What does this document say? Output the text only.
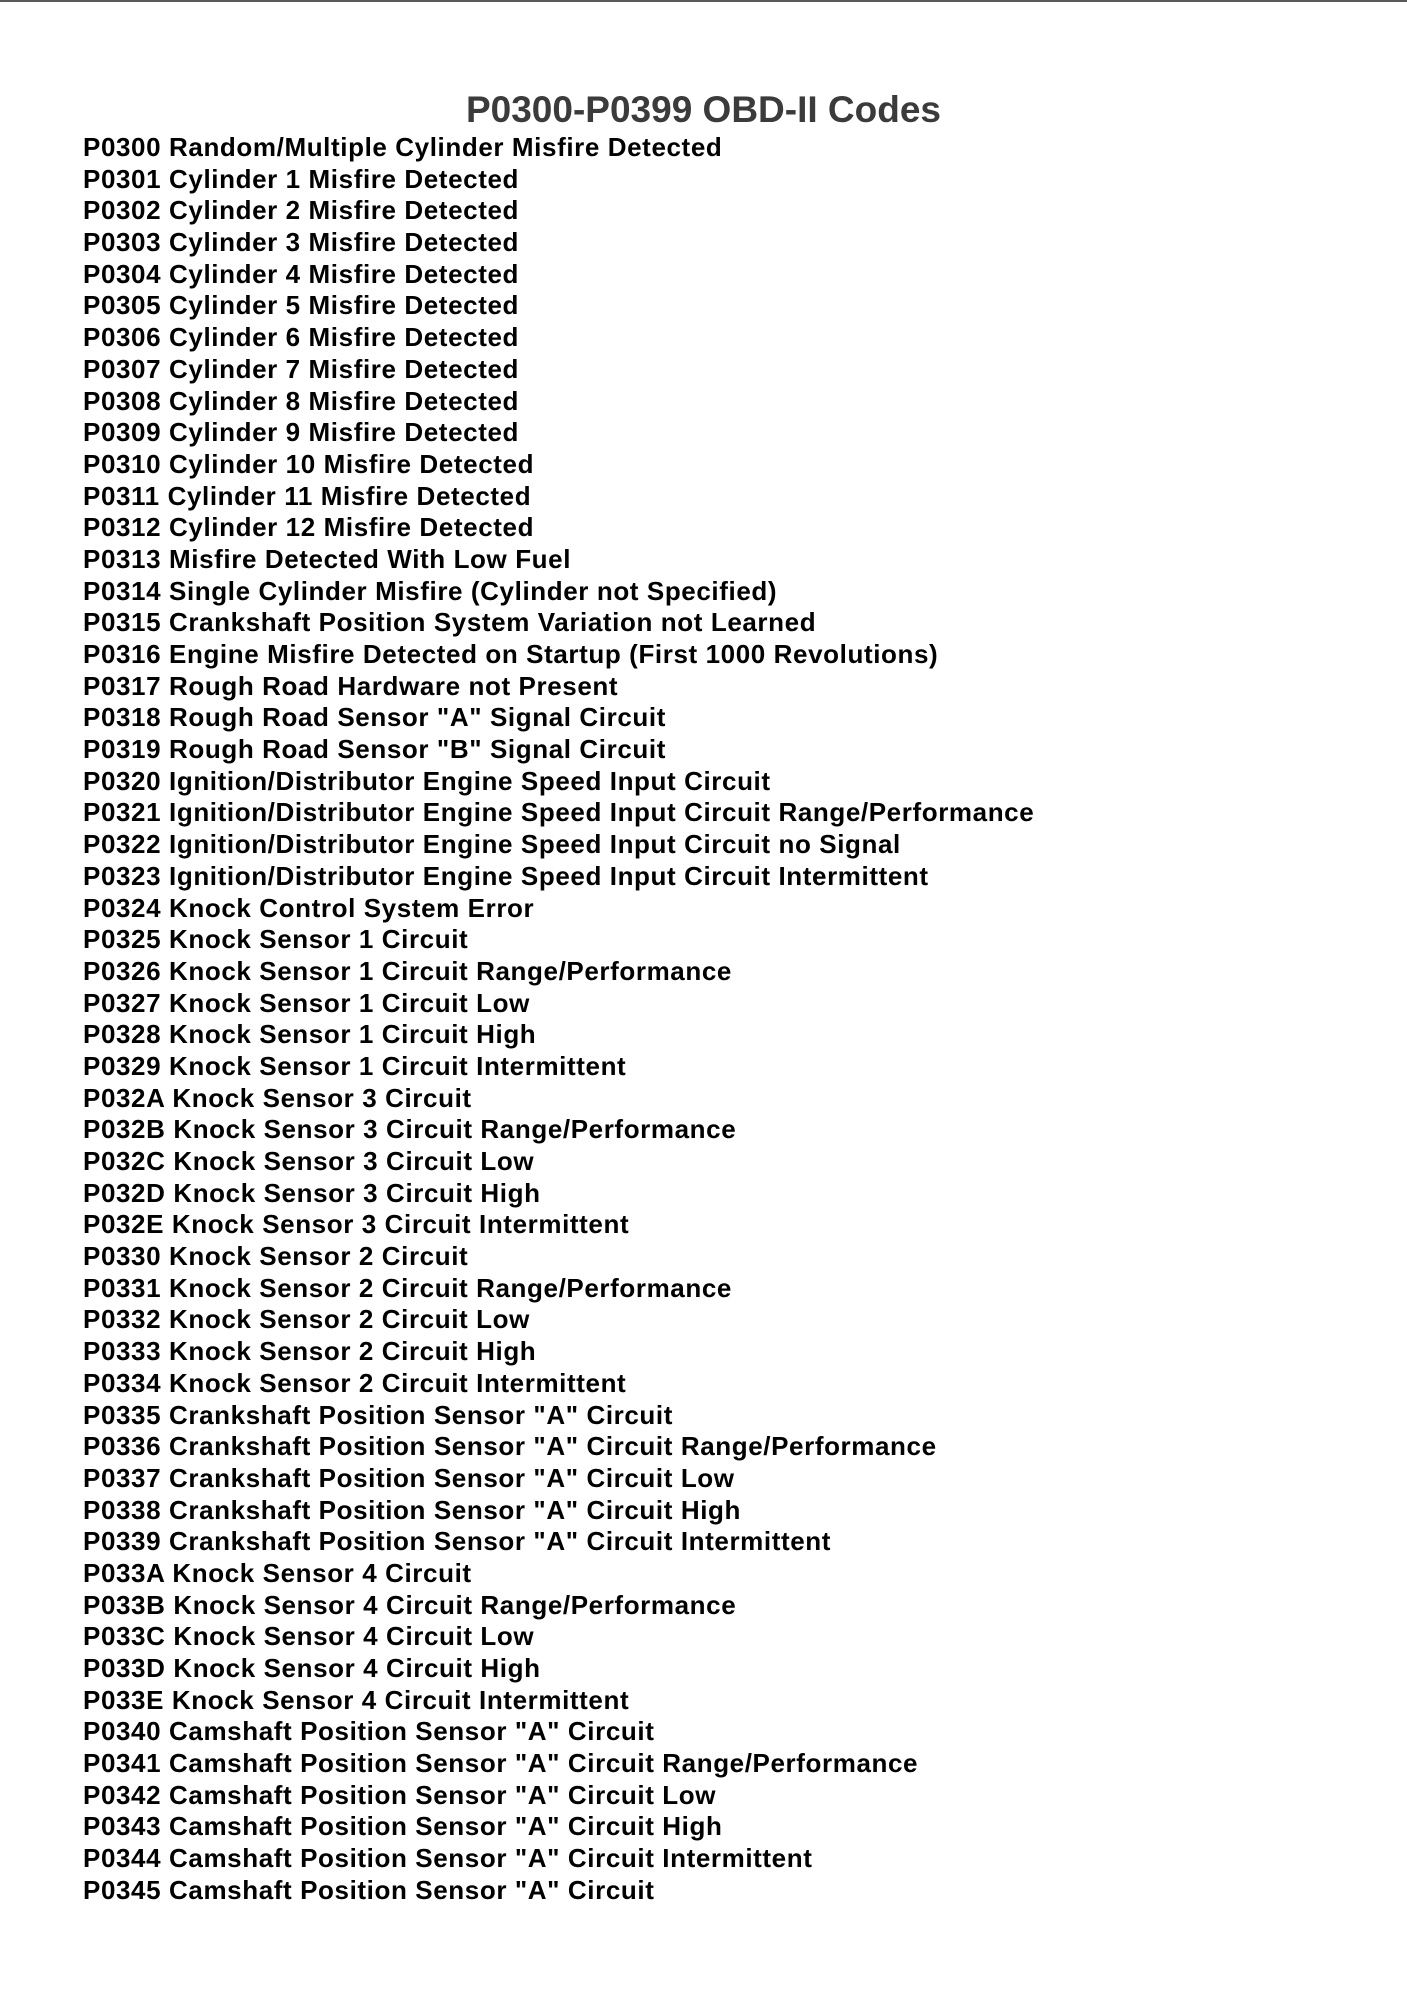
P0300-P0399 OBD-II Codes
P0300 Random/Multiple Cylinder Misfire Detected
P0301 Cylinder 1 Misfire Detected
P0302 Cylinder 2 Misfire Detected
P0303 Cylinder 3 Misfire Detected
P0304 Cylinder 4 Misfire Detected
P0305 Cylinder 5 Misfire Detected
P0306 Cylinder 6 Misfire Detected
P0307 Cylinder 7 Misfire Detected
P0308 Cylinder 8 Misfire Detected
P0309 Cylinder 9 Misfire Detected
P0310 Cylinder 10 Misfire Detected
P0311 Cylinder 11 Misfire Detected
P0312 Cylinder 12 Misfire Detected
P0313 Misfire Detected With Low Fuel
P0314 Single Cylinder Misfire (Cylinder not Specified)
P0315 Crankshaft Position System Variation not Learned
P0316 Engine Misfire Detected on Startup (First 1000 Revolutions)
P0317 Rough Road Hardware not Present
P0318 Rough Road Sensor "A" Signal Circuit
P0319 Rough Road Sensor "B" Signal Circuit
P0320 Ignition/Distributor Engine Speed Input Circuit
P0321 Ignition/Distributor Engine Speed Input Circuit Range/Performance
P0322 Ignition/Distributor Engine Speed Input Circuit no Signal
P0323 Ignition/Distributor Engine Speed Input Circuit Intermittent
P0324 Knock Control System Error
P0325 Knock Sensor 1 Circuit
P0326 Knock Sensor 1 Circuit Range/Performance
P0327 Knock Sensor 1 Circuit Low
P0328 Knock Sensor 1 Circuit High
P0329 Knock Sensor 1 Circuit Intermittent
P032A Knock Sensor 3 Circuit
P032B Knock Sensor 3 Circuit Range/Performance
P032C Knock Sensor 3 Circuit Low
P032D Knock Sensor 3 Circuit High
P032E Knock Sensor 3 Circuit Intermittent
P0330 Knock Sensor 2 Circuit
P0331 Knock Sensor 2 Circuit Range/Performance
P0332 Knock Sensor 2 Circuit Low
P0333 Knock Sensor 2 Circuit High
P0334 Knock Sensor 2 Circuit Intermittent
P0335 Crankshaft Position Sensor "A" Circuit
P0336 Crankshaft Position Sensor "A" Circuit Range/Performance
P0337 Crankshaft Position Sensor "A" Circuit Low
P0338 Crankshaft Position Sensor "A" Circuit High
P0339 Crankshaft Position Sensor "A" Circuit Intermittent
P033A Knock Sensor 4 Circuit
P033B Knock Sensor 4 Circuit Range/Performance
P033C Knock Sensor 4 Circuit Low
P033D Knock Sensor 4 Circuit High
P033E Knock Sensor 4 Circuit Intermittent
P0340 Camshaft Position Sensor "A" Circuit
P0341 Camshaft Position Sensor "A" Circuit Range/Performance
P0342 Camshaft Position Sensor "A" Circuit Low
P0343 Camshaft Position Sensor "A" Circuit High
P0344 Camshaft Position Sensor "A" Circuit Intermittent
P0345 Camshaft Position Sensor "A" Circuit
